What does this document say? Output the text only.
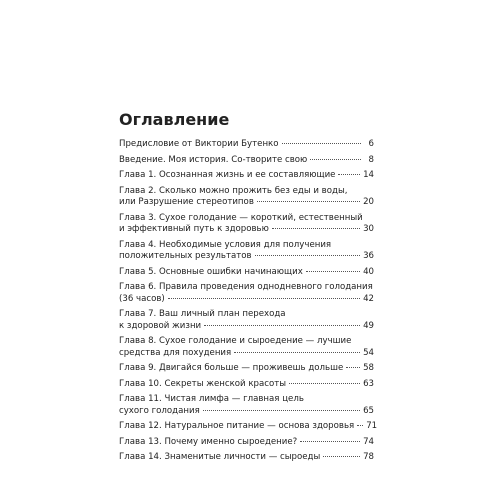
Оглавление
Предисловие от Виктории Бутенко	6
Введение. Моя история. Со-творите свою	8
Глава 1. Осознанная жизнь и ее составляющие	14
Глава 2. Сколько можно прожить без еды и воды,
или Разрушение стереотипов	20
Глава 3. Сухое голодание — короткий, естественный
и эффективный путь к здоровью	30
Глава 4. Необходимые условия для получения
положительных результатов	36
Глава 5. Основные ошибки начинающих	40
Глава 6. Правила проведения однодневного голодания
(36 часов)	42
Глава 7. Ваш личный план перехода
к здоровой жизни	49
Глава 8. Сухое голодание и сыроедение — лучшие
средства для похудения	54
Глава 9. Двигайся больше — проживешь дольше 58
Глава 10. Секреты женской красоты	63
Глава 11. Чистая лимфа — главная цель
сухого голодания	65
Глава 12. Натуральное питание — основа здоровья 71
Глава 13. Почему именно сыроедение?	74
Глава 14. Знаменитые личности — сыроеды	78
